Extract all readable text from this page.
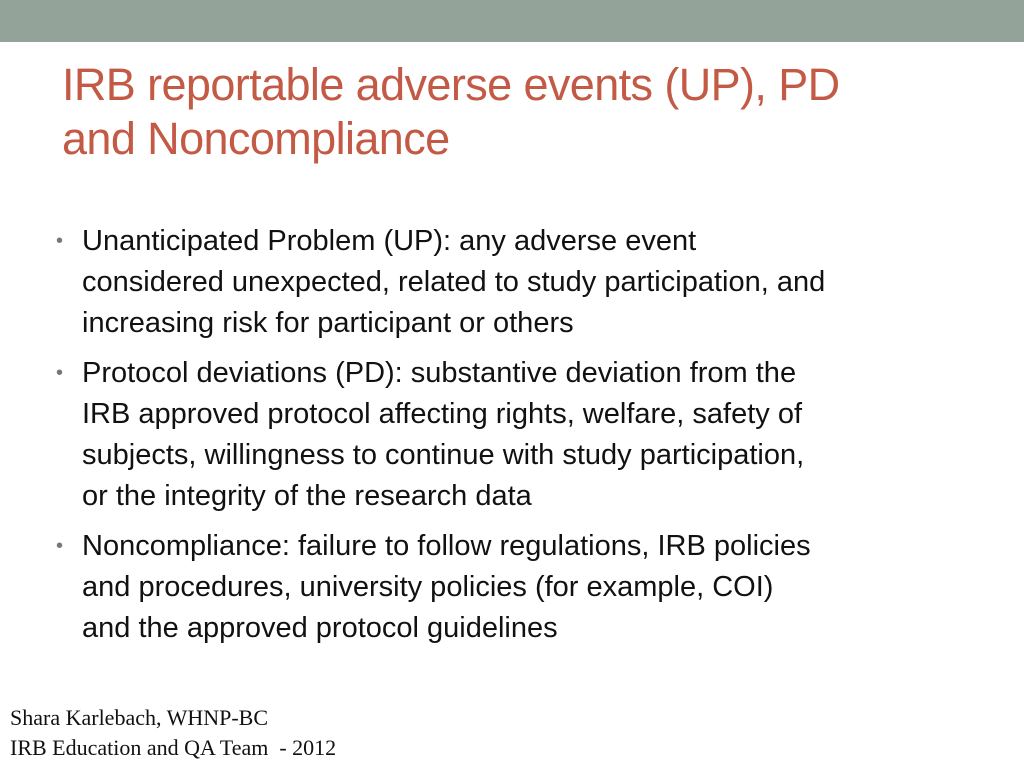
IRB reportable adverse events (UP), PD
and Noncompliance
• Unanticipated Problem (UP): any adverse event
considered unexpected, related to study participation, and
increasing risk for participant or others
• Protocol deviations (PD): substantive deviation from the
IRB approved protocol affecting rights, welfare, safety of
subjects, willingness to continue with study participation,
or the integrity of the research data
• Noncompliance: failure to follow regulations, IRB policies
and procedures, university policies (for example, COI)
and the approved protocol guidelines
Shara Karlebach, WHNP-BC
IRB Education and QA Team  - 2012
